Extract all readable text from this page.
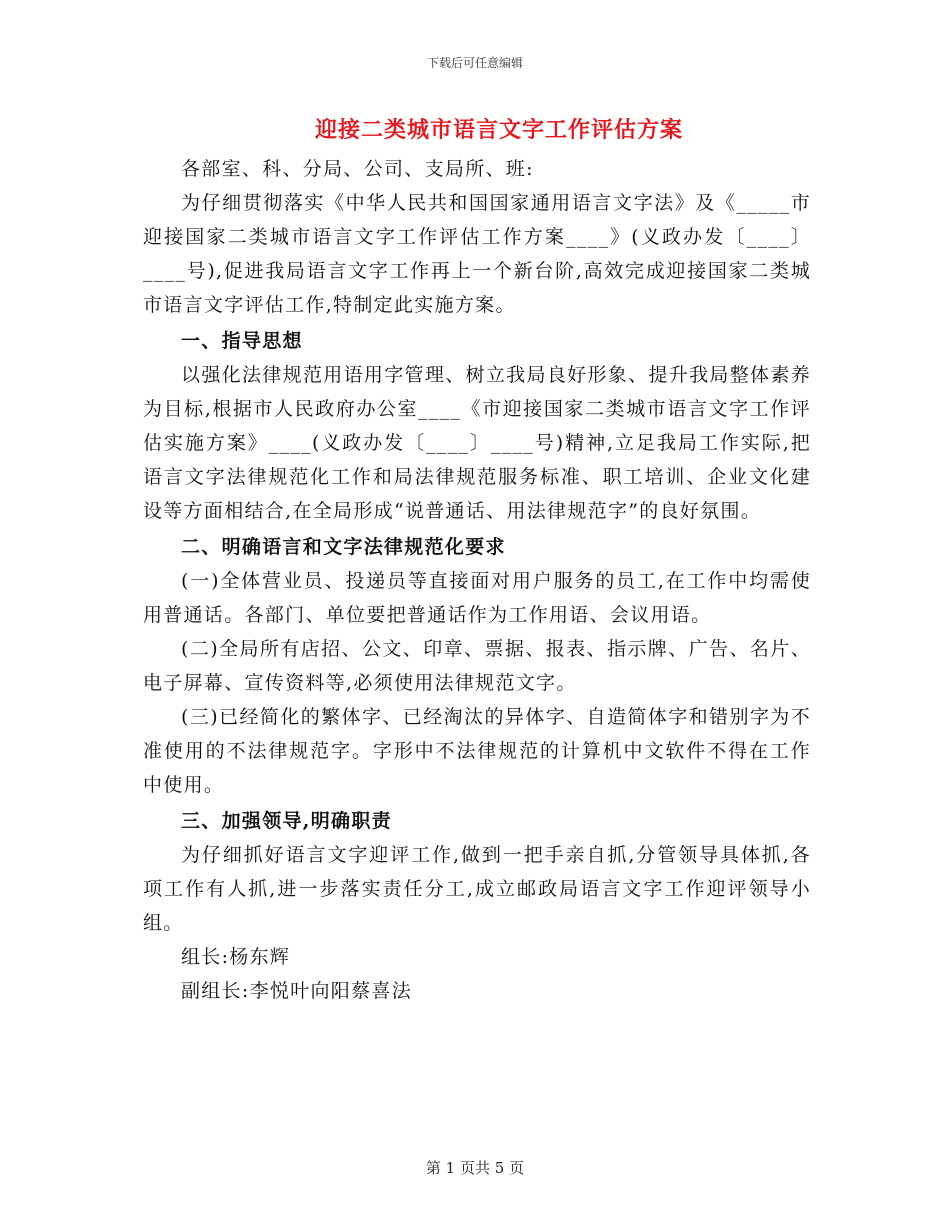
下载后可任意编辑
迎接二类城市语言文字工作评估方案

各部室、科、分局、公司、支局所、班:

为仔细贯彻落实《中华人民共和国国家通用语言文字法》及《_____市迎接国家二类城市语言文字工作评估工作方案____》(义政办发〔____〕____号),促进我局语言文字工作再上一个新台阶,高效完成迎接国家二类城市语言文字评估工作,特制定此实施方案。

一、指导思想

以强化法律规范用语用字管理、树立我局良好形象、提升我局整体素养为目标,根据市人民政府办公室____《市迎接国家二类城市语言文字工作评估实施方案》____(义政办发〔____〕____号)精神,立足我局工作实际,把语言文字法律规范化工作和局法律规范服务标准、职工培训、企业文化建设等方面相结合,在全局形成“说普通话、用法律规范字”的良好氛围。

二、明确语言和文字法律规范化要求

(一)全体营业员、投递员等直接面对用户服务的员工,在工作中均需使用普通话。各部门、单位要把普通话作为工作用语、会议用语。

(二)全局所有店招、公文、印章、票据、报表、指示牌、广告、名片、电子屏幕、宣传资料等,必须使用法律规范文字。

(三)已经简化的繁体字、已经淘汰的异体字、自造简体字和错别字为不准使用的不法律规范字。字形中不法律规范的计算机中文软件不得在工作中使用。

三、加强领导,明确职责

为仔细抓好语言文字迎评工作,做到一把手亲自抓,分管领导具体抓,各项工作有人抓,进一步落实责任分工,成立邮政局语言文字工作迎评领导小组。

组长:杨东辉

副组长:李悦叶向阳蔡喜法

第 1 页共 5 页
